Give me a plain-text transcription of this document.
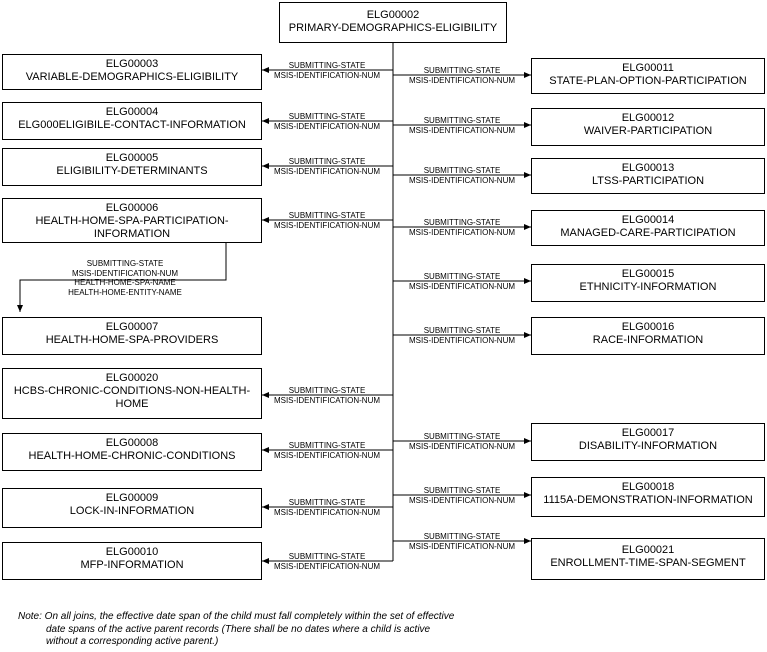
ELG00002
PRIMARY-DEMOGRAPHICS-ELIGIBILITY
ELG00003
VARIABLE-DEMOGRAPHICS-ELIGIBILITY
ELG00004
ELG000ELIGIBILE-CONTACT-INFORMATION
ELG00005
ELIGIBILITY-DETERMINANTS
ELG00006
HEALTH-HOME-SPA-PARTICIPATION-INFORMATION
ELG00007
HEALTH-HOME-SPA-PROVIDERS
ELG00020
HCBS-CHRONIC-CONDITIONS-NON-HEALTH-HOME
ELG00008
HEALTH-HOME-CHRONIC-CONDITIONS
ELG00009
LOCK-IN-INFORMATION
ELG00010
MFP-INFORMATION
ELG00011
STATE-PLAN-OPTION-PARTICIPATION
ELG00012
WAIVER-PARTICIPATION
ELG00013
LTSS-PARTICIPATION
ELG00014
MANAGED-CARE-PARTICIPATION
ELG00015
ETHNICITY-INFORMATION
ELG00016
RACE-INFORMATION
ELG00017
DISABILITY-INFORMATION
ELG00018
1115A-DEMONSTRATION-INFORMATION
ELG00021
ENROLLMENT-TIME-SPAN-SEGMENT
SUBMITTING-STATE
MSIS-IDENTIFICATION-NUM
SUBMITTING-STATE
MSIS-IDENTIFICATION-NUM
SUBMITTING-STATE
MSIS-IDENTIFICATION-NUM
SUBMITTING-STATE
MSIS-IDENTIFICATION-NUM
SUBMITTING-STATE
MSIS-IDENTIFICATION-NUM
SUBMITTING-STATE
MSIS-IDENTIFICATION-NUM
SUBMITTING-STATE
MSIS-IDENTIFICATION-NUM
SUBMITTING-STATE
MSIS-IDENTIFICATION-NUM
SUBMITTING-STATE
MSIS-IDENTIFICATION-NUM
SUBMITTING-STATE
MSIS-IDENTIFICATION-NUM
SUBMITTING-STATE
MSIS-IDENTIFICATION-NUM
SUBMITTING-STATE
MSIS-IDENTIFICATION-NUM
SUBMITTING-STATE
MSIS-IDENTIFICATION-NUM
SUBMITTING-STATE
MSIS-IDENTIFICATION-NUM
SUBMITTING-STATE
MSIS-IDENTIFICATION-NUM
SUBMITTING-STATE
MSIS-IDENTIFICATION-NUM
SUBMITTING-STATE
MSIS-IDENTIFICATION-NUM
SUBMITTING-STATE
MSIS-IDENTIFICATION-NUM
HEALTH-HOME-SPA-NAME
HEALTH-HOME-ENTITY-NAME
Note: On all joins, the effective date span of the child must fall completely within the set of effective
date spans of the active parent records (There shall be no dates where a child is active
without a corresponding active parent.)
